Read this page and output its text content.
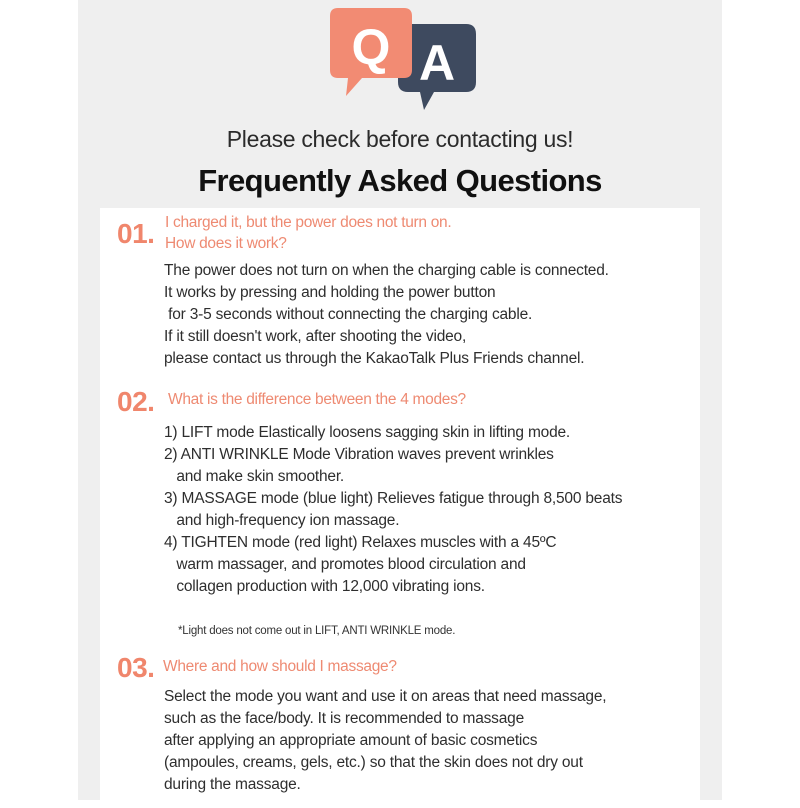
A
Q
Please check before contacting us!
Frequently Asked Questions
01. I charged it, but the power does not turn on.
How does it work?
The power does not turn on when the charging cable is connected.
It works by pressing and holding the power button
for 3-5 seconds without connecting the charging cable.
If it still doesn't work, after shooting the video,
please contact us through the KakaoTalk Plus Friends channel.
02. What is the difference between the 4 modes?
1) LIFT mode Elastically loosens sagging skin in lifting mode.
2) ANTI WRINKLE Mode Vibration waves prevent wrinkles
and make skin smoother.
3) MASSAGE mode (blue light) Relieves fatigue through 8,500 beats
and high-frequency ion massage.
4) TIGHTEN mode (red light) Relaxes muscles with a 45ºC
warm massager, and promotes blood circulation and
collagen production with 12,000 vibrating ions.
*Light does not come out in LIFT, ANTI WRINKLE mode.
03. Where and how should I massage?
Select the mode you want and use it on areas that need massage,
such as the face/body. It is recommended to massage
after applying an appropriate amount of basic cosmetics
(ampoules, creams, gels, etc.) so that the skin does not dry out
during the massage.
